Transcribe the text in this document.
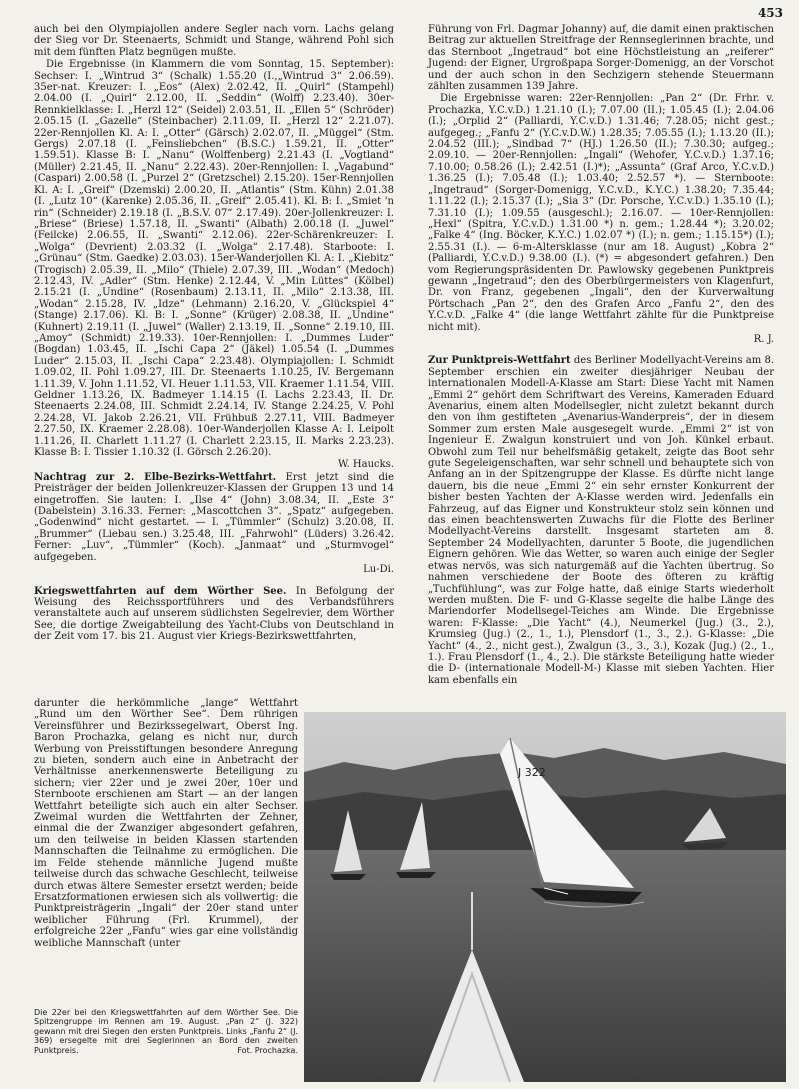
453

auch bei den Olympiajollen andere Segler nach vorn. Lachs gelang der Sieg vor Dr. Steenaerts, Schmidt und Stange, während Pohl sich mit dem fünften Platz begnügen mußte.

Die Ergebnisse (in Klammern die vom Sonntag, 15. September): Sechser: I. „Wintrud 3“ (Schalk) 1.55.20 (I.,„Wintrud 3“ 2.06.59). 35er-nat. Kreuzer: I. „Eos“ (Alex) 2.02.42, II. „Quirl“ (Stampehl) 2.04.00 (I. „Quirl“ 2.12.00, II. „Seddin“ (Wolff) 2.23.40). 30er-Rennkielklasse: I. „Herzl 12“ (Seidel) 2.03.51, II. „Ellen 5“ (Schröder) 2.05.15 (I. „Gazelle“ (Steinbacher) 2.11.09, II. „Herzl 12“ 2.21.07). 22er-Rennjollen Kl. A: I. „Otter“ (Gärsch) 2.02.07, II. „Müggel“ (Stm. Gergs) 2.07.18 (I. „Feinsliebchen“ (B.S.C.) 1.59.21, II. „Otter“ 1.59.51). Klasse B: I. „Nanu“ (Wolffenberg) 2.21.43 (I. „Vogtland“ (Müller) 2.21.45, II. „Nanu“ 2.22.43). 20er-Rennjollen: I. „Vagabund“ (Caspari) 2.00.58 (I. „Purzel 2“ (Gretzschel) 2.15.20). 15er-Rennjollen Kl. A: I. „Greif“ (Dzemski) 2.00.20, II. „Atlantis“ (Stm. Kühn) 2.01.38 (I. „Lutz 10“ (Karenke) 2.05.36, II. „Greif“ 2.05.41). Kl. B: I. „Smiet 'n rin“ (Schneider) 2.19.18 (I. „B.S.V. 07“ 2.17.49). 20er-Jollenkreuzer: I. „Briese“ (Briese) 1.57.18, II. „Swanti“ (Albath) 2.00.18 (I. „Juwel“ (Feilcke) 2.06.55, II. „Swanti“ 2.12.06). 22er-Schärenkreuzer: I. „Wolga“ (Devrient) 2.03.32 (I. „Wolga“ 2.17.48). Starboote: I. „Grünau“ (Stm. Gaedke) 2.03.03). 15er-Wanderjollen Kl. A: I. „Kiebitz“ (Trogisch) 2.05.39, II. „Milo“ (Thiele) 2.07.39, III. „Wodan“ (Medoch) 2.12.43, IV. „Adler“ (Stm. Henke) 2.12.44, V. „Min Lüttes“ (Kölbel) 2.15.21 (I. „Undine“ (Rosenbaum) 2.13.11, II. „Milo“ 2.13.38, III. „Wodan“ 2.15.28, IV. „Idze“ (Lehmann) 2.16.20, V. „Glückspiel 4“ (Stange) 2.17.06). Kl. B: I. „Sonne“ (Krüger) 2.08.38, II. „Undine“ (Kuhnert) 2.19.11 (I. „Juwel“ (Waller) 2.13.19, II. „Sonne“ 2.19.10, III. „Amoy“ (Schmidt) 2.19.33). 10er-Rennjollen: I. „Dummes Luder“ (Bogdan) 1.03.45, II. „Ischi Capa 2“ (Jäkel) 1.05.54 (I. „Dummes Luder“ 2.15.03, II. „Ischi Capa“ 2.23.48). Olympiajollen: I. Schmidt 1.09.02, II. Pohl 1.09.27, III. Dr. Steenaerts 1.10.25, IV. Bergemann 1.11.39, V. John 1.11.52, VI. Heuer 1.11.53, VII. Kraemer 1.11.54, VIII. Geldner 1.13.26, IX. Badmeyer 1.14.15 (I. Lachs 2.23.43, II. Dr. Steenaerts 2.24.08, III. Schmidt 2.24.14, IV. Stange 2.24.25, V. Pohl 2.24.28, VI. Jakob 2.26.21, VII. Frühbuß 2.27.11, VIII. Badmeyer 2.27.50, IX. Kraemer 2.28.08). 10er-Wanderjollen Klasse A: I. Leipolt 1.11.26, II. Charlett 1.11.27 (I. Charlett 2.23.15, II. Marks 2.23.23). Klasse B: I. Tissier 1.10.32 (I. Görsch 2.26.20).

W. Haucks.

Nachtrag zur 2. Elbe-Bezirks-Wettfahrt. Erst jetzt sind die Preisträger der beiden Jollenkreuzer-Klassen der Gruppen 13 und 14 eingetroffen. Sie lauten: I. „Ilse 4“ (John) 3.08.34, II. „Este 3“ (Dabelstein) 3.16.33. Ferner: „Mascottchen 3“. „Spatz“ aufgegeben. „Godenwind“ nicht gestartet. — I. „Tümmler“ (Schulz) 3.20.08, II. „Brummer“ (Liebau sen.) 3.25.48, III. „Fahrwohl“ (Lüders) 3.26.42. Ferner: „Luv“, „Tümmler“ (Koch). „Janmaat“ und „Sturmvogel“ aufgegeben.

Lu-Di.

Kriegswettfahrten auf dem Wörther See. In Befolgung der Weisung des Reichssportführers und des Verbandsführers veranstaltete auch auf unserem südlichsten Segelrevier, dem Wörther See, die dortige Zweigabteilung des Yacht-Clubs von Deutschland in der Zeit vom 17. bis 21. August vier Kriegs-Bezirkswettfahrten,

darunter die herkömmliche „lange“ Wettfahrt „Rund um den Wörther See“. Dem rührigen Vereinsführer und Bezirkssegelwart, Oberst Ing. Baron Prochazka, gelang es nicht nur, durch Werbung von Preisstiftungen besondere Anregung zu bieten, sondern auch eine in Anbetracht der Verhältnisse anerkennenswerte Beteiligung zu sichern; vier 22er und je zwei 20er, 10er und Sternboote erschienen am Start — an der langen Wettfahrt beteiligte sich auch ein alter Sechser. Zweimal wurden die Wettfahrten der Zehner, einmal die der Zwanziger abgesondert gefahren, um den teilweise in beiden Klassen startenden Mannschaften die Teilnahme zu ermöglichen. Die im Felde stehende männliche Jugend mußte teilweise durch das schwache Geschlecht, teilweise durch etwas ältere Semester ersetzt werden; beide Ersatzformationen erwiesen sich als vollwertig: die Punktpreisträgerin „Ingali“ der 20er stand unter weiblicher Führung (Frl. Krummel), der erfolgreiche 22er „Fanfu“ wies gar eine vollständig weibliche Mannschaft (unter
Die 22er bei den Kriegswettfahrten auf dem Wörther See. Die Spitzengruppe im Rennen am 19. August. „Pan 2“ (J. 322) gewann mit drei Siegen den ersten Punktpreis. Links „Fanfu 2“ (J. 369) ersegelte mit drei Seglerinnen an Bord den zweiten Punktpreis.	Fot. Prochazka.

Führung von Frl. Dagmar Johanny) auf, die damit einen praktischen Beitrag zur aktuellen Streitfrage der Rennseglerinnen brachte, und das Sternboot „Ingetraud“ bot eine Höchstleistung an „reiferer“ Jugend: der Eigner, Urgroßpapa Sorger-Domenigg, an der Vorschot und der auch schon in den Sechzigern stehende Steuermann zählten zusammen 139 Jahre.

Die Ergebnisse waren: 22er-Rennjollen: „Pan 2“ (Dr. Frhr. v. Prochazka, Y.C.v.D.) 1.21.10 (I.); 7.07.00 (II.); 1.05.45 (I.); 2.04.06 (I.); „Orplid 2“ (Palliardi, Y.C.v.D.) 1.31.46; 7.28.05; nicht gest.; aufgegeg.; „Fanfu 2“ (Y.C.v.D.W.) 1.28.35; 7.05.55 (I.); 1.13.20 (II.); 2.04.52 (III.); „Sindbad 7“ (HJ.) 1.26.50 (II.); 7.30.30; aufgeg.; 2.09.10. — 20er-Rennjollen: „Ingali“ (Wehofer, Y.C.v.D.) 1.37.16; 7.10.00; 0.58.26 (I.); 2.42.51 (I.)*); „Assunta“ (Graf Arco, Y.C.v.D.) 1.36.25 (I.); 7.05.48 (I.); 1.03.40; 2.52.57 *). — Sternboote: „Ingetraud“ (Sorger-Domenigg, Y.C.v.D., K.Y.C.) 1.38.20; 7.35.44; 1.11.22 (I.); 2.15.37 (I.); „Sia 3“ (Dr. Porsche, Y.C.v.D.) 1.35.10 (I.); 7.31.10 (I.); 1.09.55 (ausgeschl.); 2.16.07. — 10er-Rennjollen: „Hexl“ (Spitra, Y.C.v.D.) 1.31.00 *) n. gem.; 1.28.44 *); 3.20.02; „Falke 4“ (Ing. Böcker, K.Y.C.) 1.02.07 *) (I.); n. gem.; 1.15.15*) (I.); 2.55.31 (I.). — 6-m-Altersklasse (nur am 18. August) „Kobra 2“ (Palliardi, Y.C.v.D.) 9.38.00 (I.). (*) = abgesondert gefahren.) Den vom Regierungspräsidenten Dr. Pawlowsky gegebenen Punktpreis gewann „Ingetraud“; den des Oberbürgermeisters von Klagenfurt, Dr. von Franz, gegebenen „Ingali“, den der Kurverwaltung Pörtschach „Pan 2“, den des Grafen Arco „Fanfu 2“, den des Y.C.v.D. „Falke 4“ (die lange Wettfahrt zählte für die Punktpreise nicht mit).

R. J.

Zur Punktpreis-Wettfahrt des Berliner Modellyacht-Vereins am 8. September erschien ein zweiter diesjähriger Neubau der internationalen Modell-A-Klasse am Start: Diese Yacht mit Namen „Emmi 2“ gehört dem Schriftwart des Vereins, Kameraden Eduard Avenarius, einem alten Modellsegler, nicht zuletzt bekannt durch den von ihm gestifteten „Avenarius-Wanderpreis“, der in diesem Sommer zum ersten Male ausgesegelt wurde. „Emmi 2“ ist von Ingenieur E. Zwalgun konstruiert und von Joh. Künkel erbaut. Obwohl zum Teil nur behelfsmäßig getakelt, zeigte das Boot sehr gute Segeleigenschaften, war sehr schnell und behauptete sich von Anfang an in der Spitzengruppe der Klasse. Es dürfte nicht lange dauern, bis die neue „Emmi 2“ ein sehr ernster Konkurrent der bisher besten Yachten der A-Klasse werden wird. Jedenfalls ein Fahrzeug, auf das Eigner und Konstrukteur stolz sein können und das einen beachtenswerten Zuwachs für die Flotte des Berliner Modellyacht-Vereins darstellt. Insgesamt starteten am 8. September 24 Modellyachten, darunter 5 Boote, die jugendlichen Eignern gehören. Wie das Wetter, so waren auch einige der Segler etwas nervös, was sich naturgemäß auf die Yachten übertrug. So nahmen verschiedene der Boote des öfteren zu kräftig „Tuchfühlung“, was zur Folge hatte, daß einige Starts wiederholt werden mußten. Die F- und G-Klasse segelte die halbe Länge des Mariendorfer Modellsegel-Teiches am Winde. Die Ergebnisse waren: F-Klasse: „Die Yacht“ (4.), Neumerkel (Jug.) (3., 2.), Krumsieg (Jug.) (2., 1., 1.), Plensdorf (1., 3., 2.). G-Klasse: „Die Yacht“ (4., 2., nicht gest.), Zwalgun (3., 3., 3.), Kozak (Jug.) (2., 1., 1.). Frau Plensdorf (1., 4., 2.). Die stärkste Beteiligung hatte wieder die D- (internationale Modell-M-) Klasse mit sieben Yachten. Hier kam ebenfalls ein

J 322
